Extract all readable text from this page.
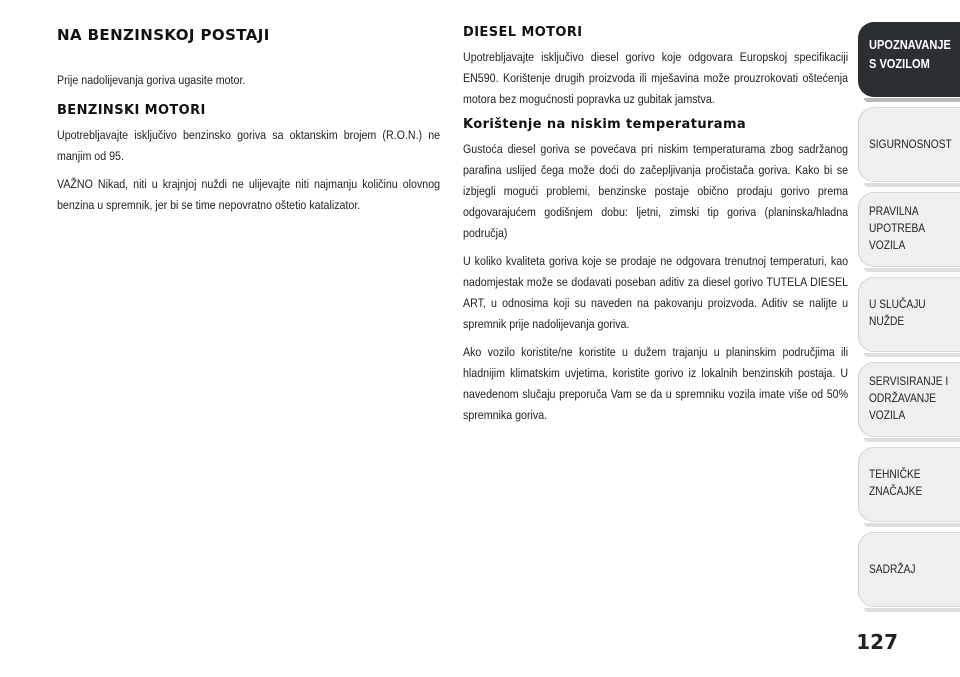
NA BENZINSKOJ POSTAJI

Prije nadolijevanja goriva ugasite motor.

BENZINSKI MOTORI

Upotrebljavajte isključivo benzinsko goriva sa oktanskim brojem (R.O.N.) ne manjim od 95.

VAŽNO Nikad, niti u krajnjoj nuždi ne ulijevajte niti najmanju količinu olovnog benzina u spremnik, jer bi se time nepovratno oštetio katalizator.

DIESEL MOTORI

Upotrebljavajte isključivo diesel gorivo koje odgovara Europskoj specifikaciji EN590. Korištenje drugih proizvoda ili mješavina može prouzrokovati oštećenja motora bez mogućnosti popravka uz gubitak jamstva.

Korištenje na niskim temperaturama

Gustoća diesel goriva se povećava pri niskim temperaturama zbog sadržanog parafina uslijed čega može doći do začepljivanja pročistača goriva. Kako bi se izbjegli mogući problemi, benzinske postaje obično prodaju gorivo prema odgovarajućem godišnjem dobu: ljetni, zimski tip goriva (planinska/hladna područja)

U koliko kvaliteta goriva koje se prodaje ne odgovara trenutnoj temperaturi, kao nadomjestak može se dodavati poseban aditiv za diesel gorivo TUTELA DIESEL ART, u odnosima koji su naveden na pakovanju proizvoda. Aditiv se nalijte u spremnik prije nadolijevanja goriva.

Ako vozilo koristite/ne koristite u dužem trajanju u planinskim područjima ili hladnijim klimatskim uvjetima, koristite gorivo iz lokalnih benzinskih postaja. U navedenom slučaju preporuča Vam se da u spremniku vozila imate više od 50% spremnika goriva.

UPOZNAVANJE
S VOZILOM
SIGURNOSNOST
PRAVILNA
UPOTREBA
VOZILA
U SLUČAJU
NUŽDE
SERVISIRANJE I
ODRŽAVANJE
VOZILA
TEHNIČKE
ZNAČAJKE
SADRŽAJ
127
